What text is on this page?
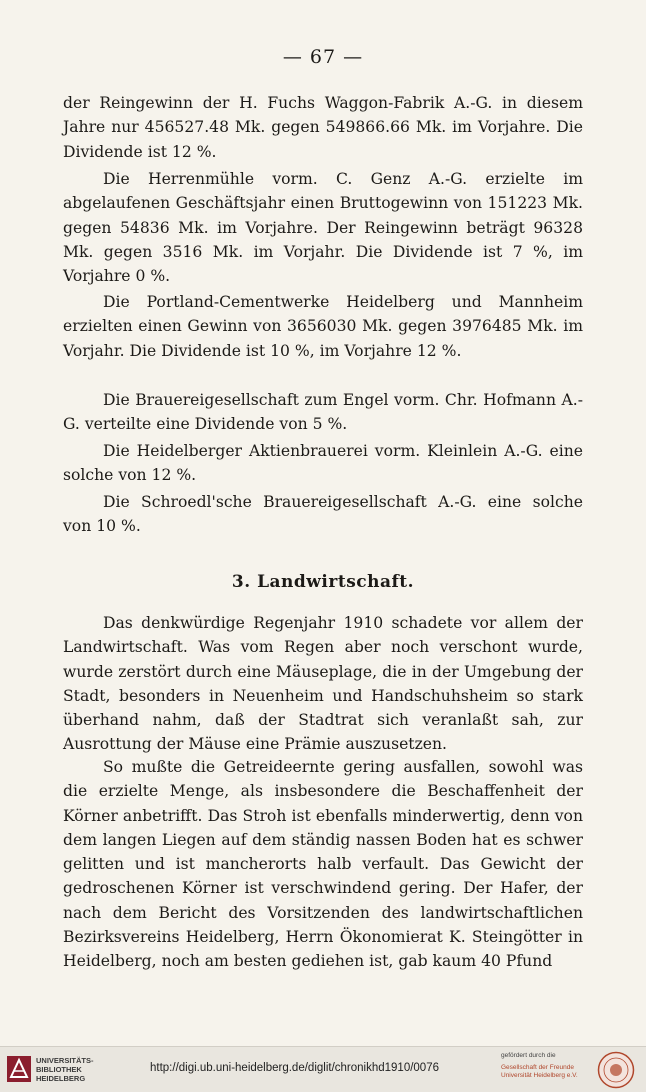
— 67 —

der Reingewinn der H. Fuchs Waggon-Fabrik A.-G. in diesem Jahre nur 456527.48 Mk. gegen 549866.66 Mk. im Vorjahre. Die Dividende ist 12 %.

Die Herrenmühle vorm. C. Genz A.-G. erzielte im abgelaufenen Geschäftsjahr einen Bruttogewinn von 151223 Mk. gegen 54836 Mk. im Vorjahre. Der Reingewinn beträgt 96328 Mk. gegen 3516 Mk. im Vorjahr. Die Dividende ist 7 %, im Vorjahre 0 %.

Die Portland-Cementwerke Heidelberg und Mannheim erzielten einen Gewinn von 3656030 Mk. gegen 3976485 Mk. im Vorjahr. Die Dividende ist 10 %, im Vorjahre 12 %.

Die Brauereigesellschaft zum Engel vorm. Chr. Hofmann A.-G. verteilte eine Dividende von 5 %.

Die Heidelberger Aktienbrauerei vorm. Kleinlein A.-G. eine solche von 12 %.

Die Schroedl'sche Brauereigesellschaft A.-G. eine solche von 10 %.

3. Landwirtschaft.

Das denkwürdige Regenjahr 1910 schadete vor allem der Landwirtschaft. Was vom Regen aber noch verschont wurde, wurde zerstört durch eine Mäuseplage, die in der Umgebung der Stadt, besonders in Neuenheim und Handschuhsheim so stark überhand nahm, daß der Stadtrat sich veranlaßt sah, zur Ausrottung der Mäuse eine Prämie auszusetzen.

So mußte die Getreideernte gering ausfallen, sowohl was die erzielte Menge, als insbesondere die Beschaffenheit der Körner anbetrifft. Das Stroh ist ebenfalls minderwertig, denn von dem langen Liegen auf dem ständig nassen Boden hat es schwer gelitten und ist mancherorts halb verfault. Das Gewicht der gedroschenen Körner ist verschwindend gering. Der Hafer, der nach dem Bericht des Vorsitzenden des landwirtschaftlichen Bezirksvereins Heidelberg, Herrn Ökonomierat K. Steingötter in Heidelberg, noch am besten gediehen ist, gab kaum 40 Pfund

UNIVERSITÄTS-
BIBLIOTHEK
HEIDELBERG
http://digi.ub.uni-heidelberg.de/diglit/chronikhd1910/0076
gefördert durch die
Gesellschaft der Freunde
Universität Heidelberg e.V.
